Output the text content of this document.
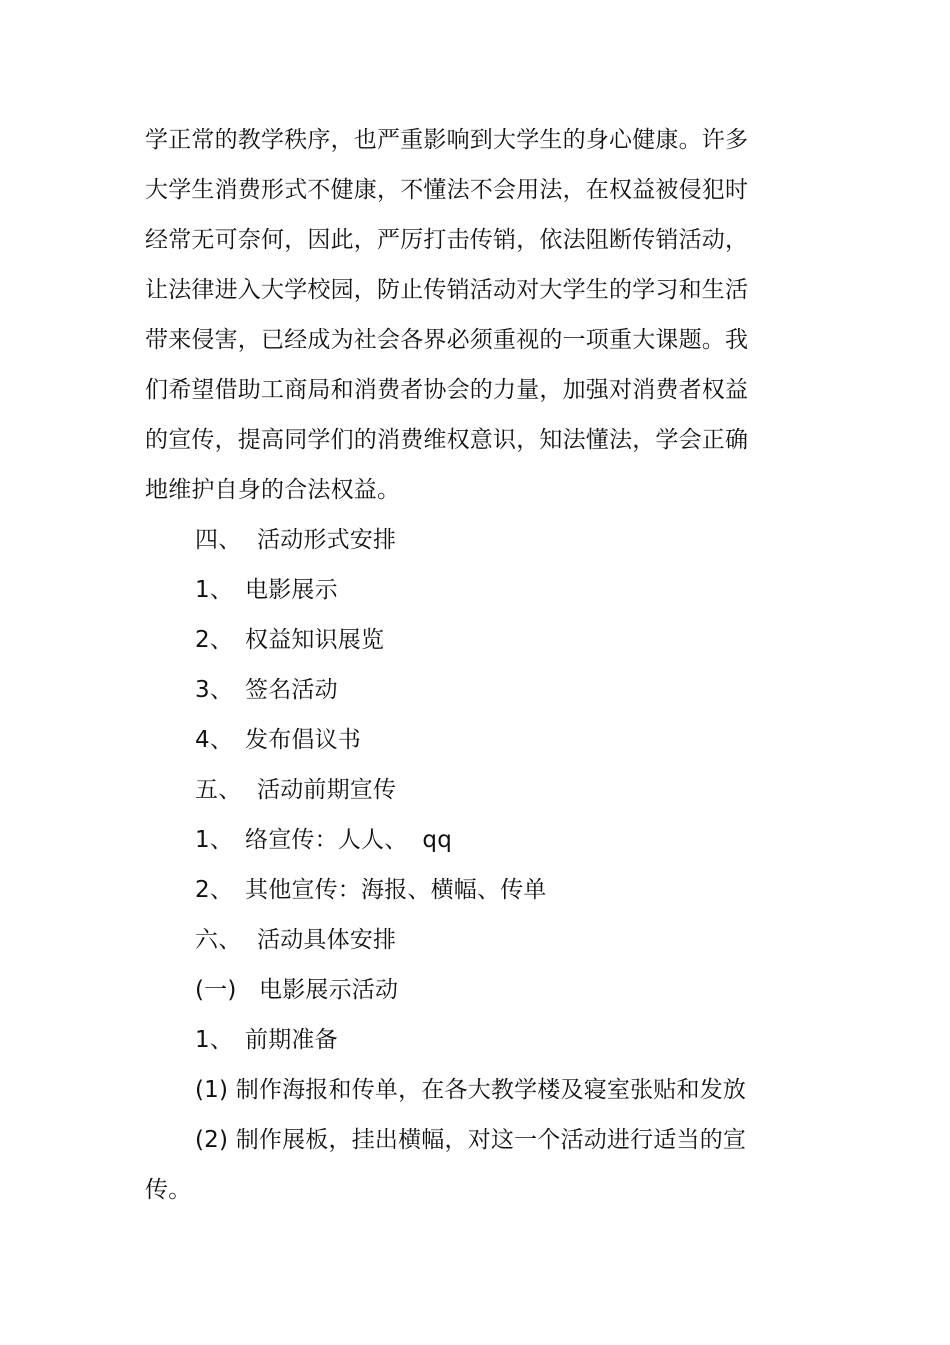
学正常的教学秩序，也严重影响到大学生的身心健康。许多
大学生消费形式不健康，不懂法不会用法，在权益被侵犯时
经常无可奈何，因此，严厉打击传销，依法阻断传销活动，
让法律进入大学校园，防止传销活动对大学生的学习和生活
带来侵害，已经成为社会各界必须重视的一项重大课题。我
们希望借助工商局和消费者协会的力量，加强对消费者权益
的宣传，提高同学们的消费维权意识，知法懂法，学会正确
地维护自身的合法权益。
四、 活动形式安排
1、 电影展示
2、 权益知识展览
3、 签名活动
4、 发布倡议书
五、 活动前期宣传
1、 络宣传：人人、  qq
2、 其他宣传：海报、横幅、传单
六、 活动具体安排
(一) 电影展示活动
1、 前期准备
(1) 制作海报和传单，在各大教学楼及寝室张贴和发放
(2) 制作展板，挂出横幅，对这一个活动进行适当的宣
传。
